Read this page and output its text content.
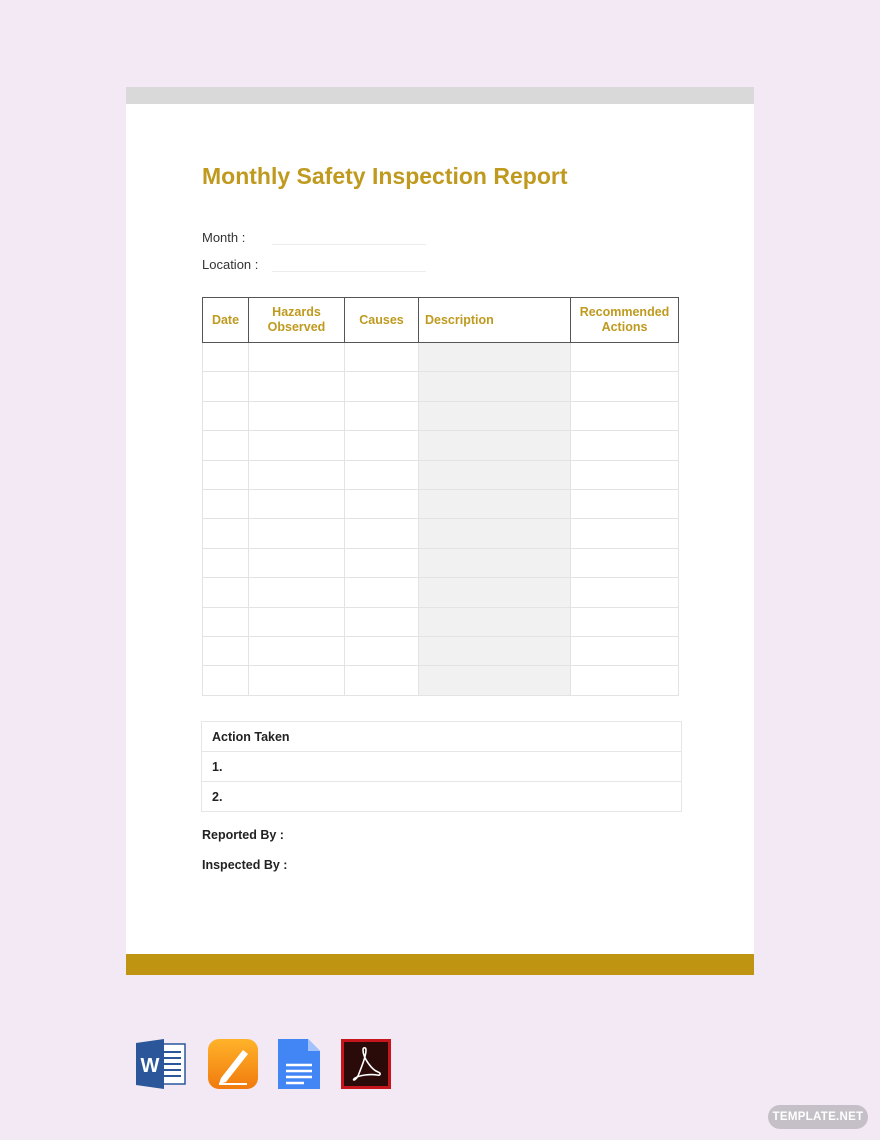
Monthly Safety Inspection Report
Month :
Location :
Date	Hazards Observed	Causes	Description	Recommended Actions

Action Taken
1.
2.
Reported By :
Inspected By :
W
TEMPLATE.NET
